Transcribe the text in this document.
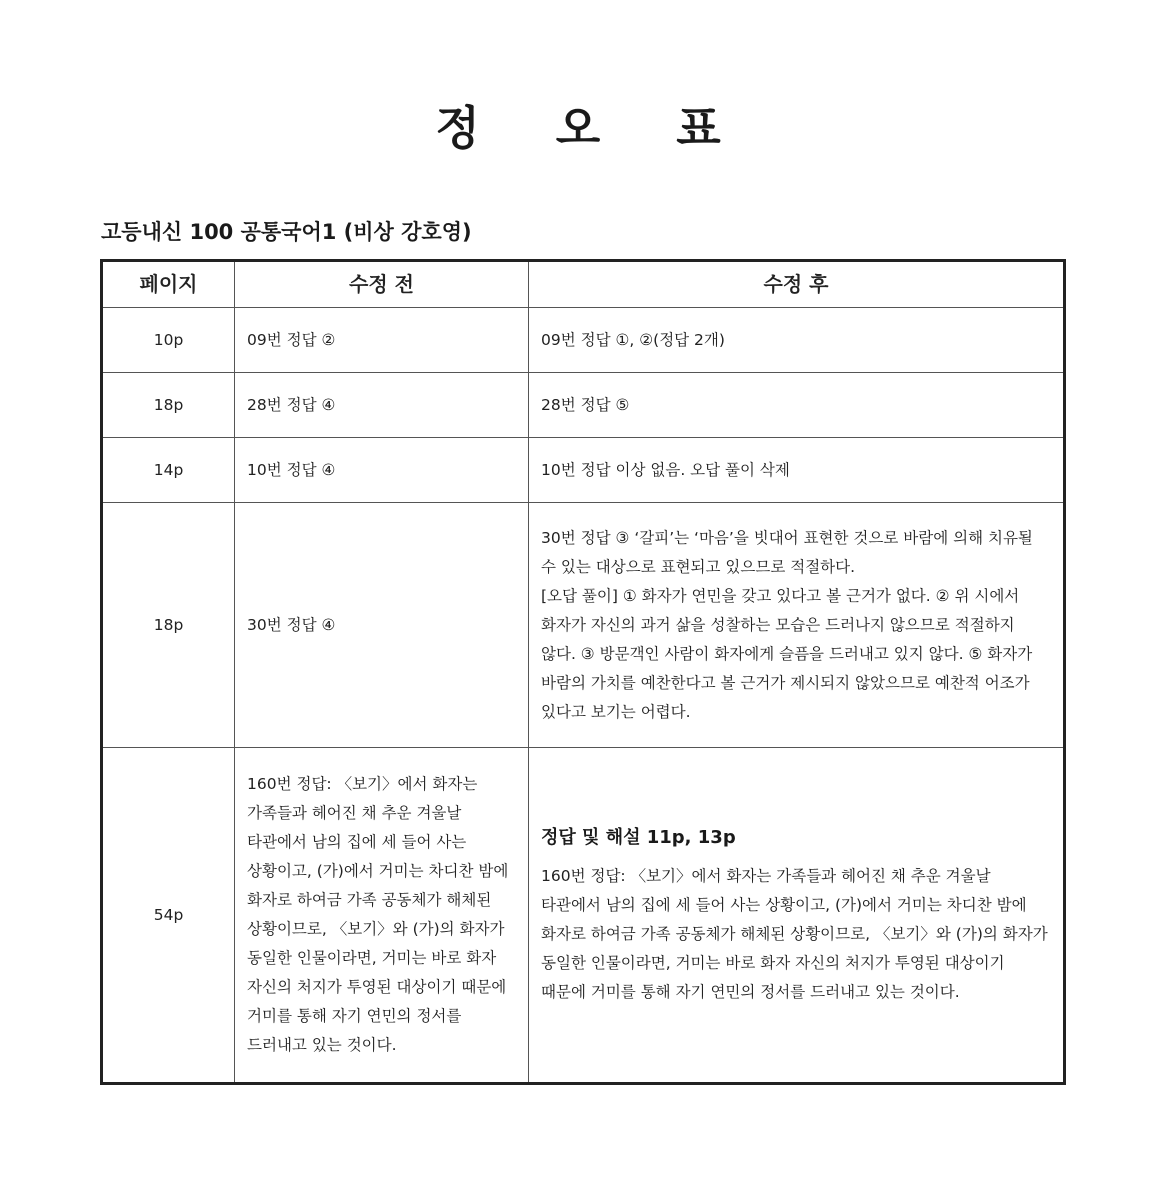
정 오 표
고등내신 100 공통국어1 (비상 강호영)
페이지	수정 전	수정 후
10p	09번 정답 ②	09번 정답 ①, ②(정답 2개)
18p	28번 정답 ④	28번 정답 ⑤
14p	10번 정답 ④	10번 정답 이상 없음. 오답 풀이 삭제
18p	30번 정답 ④	30번 정답 ③ ‘갈피’는 ‘마음’을 빗대어 표현한 것으로 바람에 의해 치유될 수 있는 대상으로 표현되고 있으므로 적절하다.
[오답 풀이] ① 화자가 연민을 갖고 있다고 볼 근거가 없다. ② 위 시에서 화자가 자신의 과거 삶을 성찰하는 모습은 드러나지 않으므로 적절하지 않다. ③ 방문객인 사람이 화자에게 슬픔을 드러내고 있지 않다. ⑤ 화자가 바람의 가치를 예찬한다고 볼 근거가 제시되지 않았으므로 예찬적 어조가 있다고 보기는 어렵다.

54p	160번 정답: 〈보기〉에서 화자는 가족들과 헤어진 채 추운 겨울날 타관에서 남의 집에 세 들어 사는 상황이고, (가)에서 거미는 차디찬 밤에 화자로 하여금 가족 공동체가 해체된 상황이므로, 〈보기〉와 (가)의 화자가 동일한 인물이라면, 거미는 바로 화자 자신의 처지가 투영된 대상이기 때문에 거미를 통해 자기 연민의 정서를 드러내고 있는 것이다.	정답 및 해설 11p, 13p
160번 정답: 〈보기〉에서 화자는 가족들과 헤어진 채 추운 겨울날 타관에서 남의 집에 세 들어 사는 상황이고, (가)에서 거미는 차디찬 밤에 화자로 하여금 가족 공동체가 해체된 상황이므로, 〈보기〉와 (가)의 화자가 동일한 인물이라면, 거미는 바로 화자 자신의 처지가 투영된 대상이기 때문에 거미를 통해 자기 연민의 정서를 드러내고 있는 것이다.
